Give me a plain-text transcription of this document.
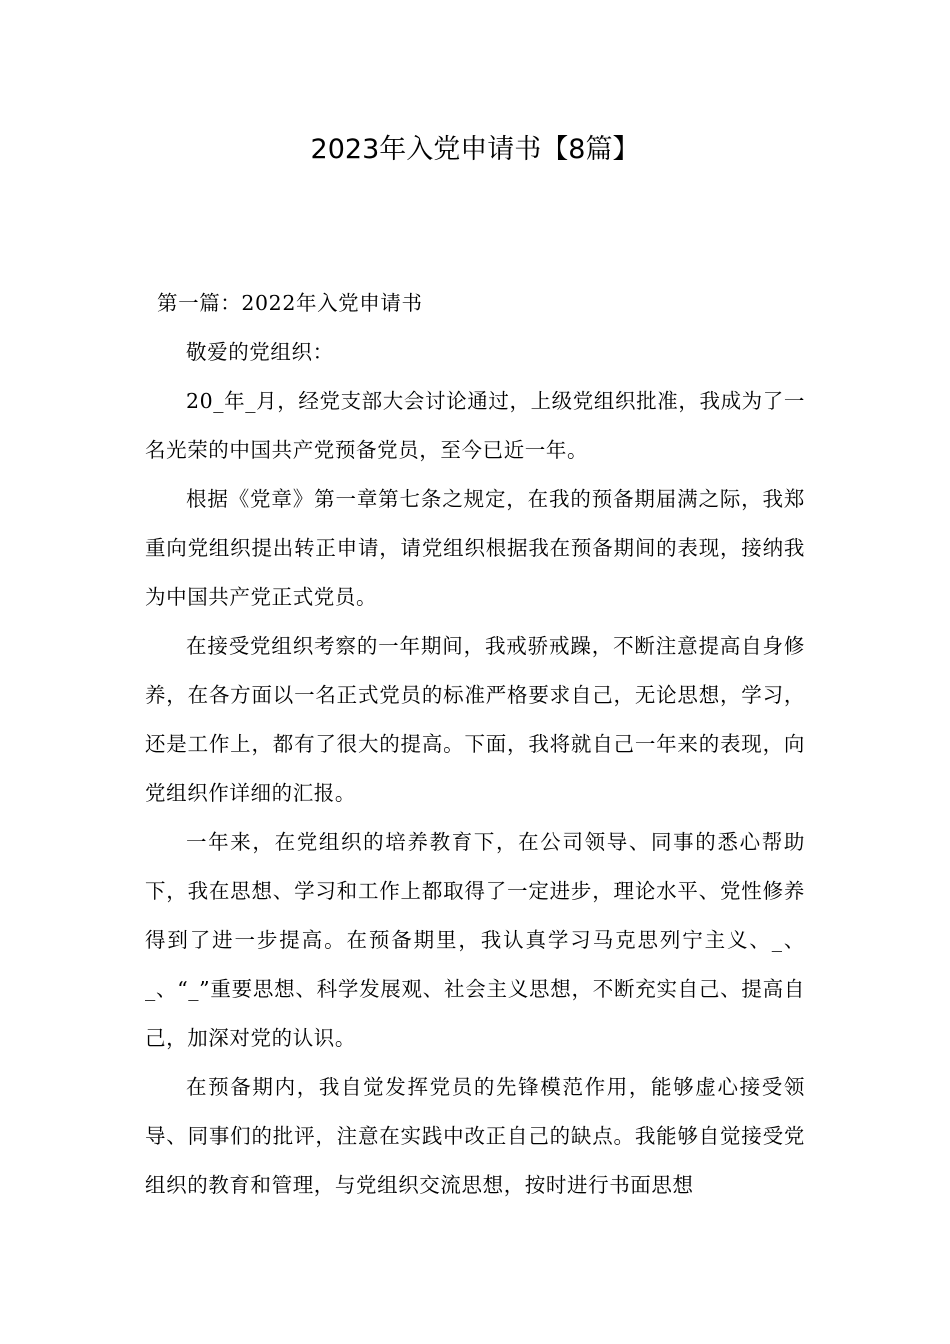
2023年入党申请书【8篇】
第一篇：2022年入党申请书

敬爱的党组织：

20_年_月，经党支部大会讨论通过，上级党组织批准，我成为了一名光荣的中国共产党预备党员，至今已近一年。

根据《党章》第一章第七条之规定，在我的预备期届满之际，我郑重向党组织提出转正申请，请党组织根据我在预备期间的表现，接纳我为中国共产党正式党员。

在接受党组织考察的一年期间，我戒骄戒躁，不断注意提高自身修养，在各方面以一名正式党员的标准严格要求自己，无论思想，学习，还是工作上，都有了很大的提高。下面，我将就自己一年来的表现，向党组织作详细的汇报。

一年来，在党组织的培养教育下，在公司领导、同事的悉心帮助下，我在思想、学习和工作上都取得了一定进步，理论水平、党性修养得到了进一步提高。在预备期里，我认真学习马克思列宁主义、_、_、“_”重要思想、科学发展观、社会主义思想，不断充实自己、提高自己，加深对党的认识。

在预备期内，我自觉发挥党员的先锋模范作用，能够虚心接受领导、同事们的批评，注意在实践中改正自己的缺点。我能够自觉接受党组织的教育和管理，与党组织交流思想，按时进行书面思想
